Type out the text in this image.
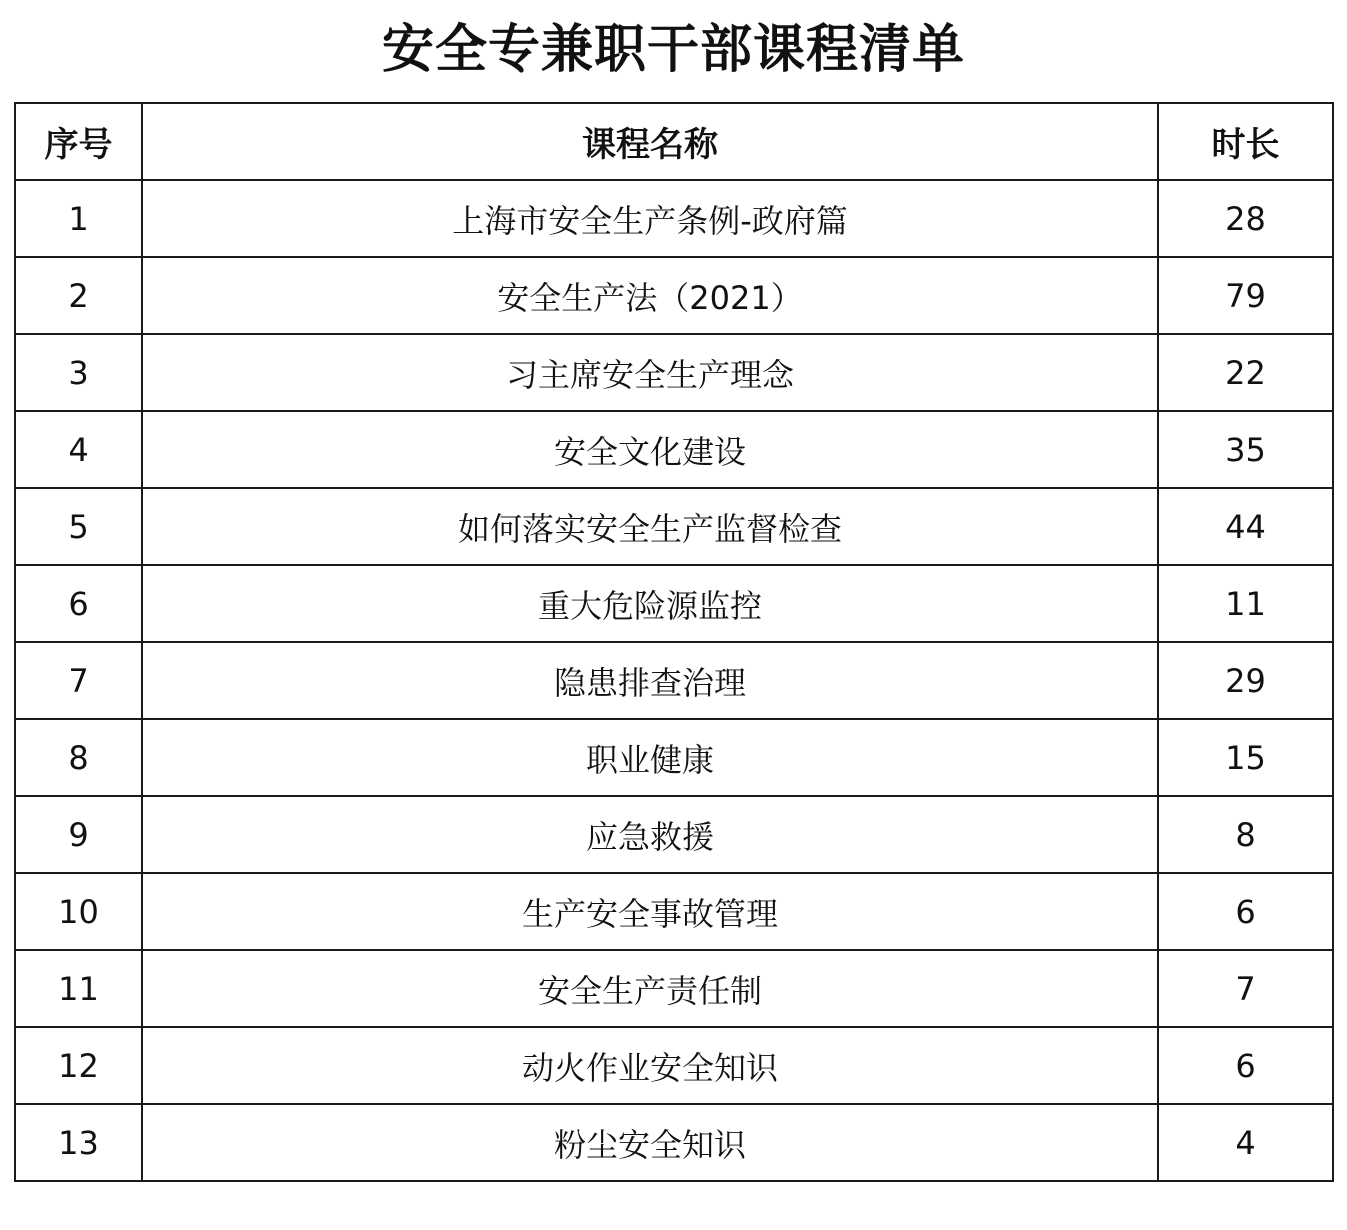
安全专兼职干部课程清单
序号	课程名称	时长
1	上海市安全生产条例-政府篇	28
2	安全生产法（2021）	79
3	习主席安全生产理念	22
4	安全文化建设	35
5	如何落实安全生产监督检查	44
6	重大危险源监控	11
7	隐患排查治理	29
8	职业健康	15
9	应急救援	8
10	生产安全事故管理	6
11	安全生产责任制	7
12	动火作业安全知识	6
13	粉尘安全知识	4
